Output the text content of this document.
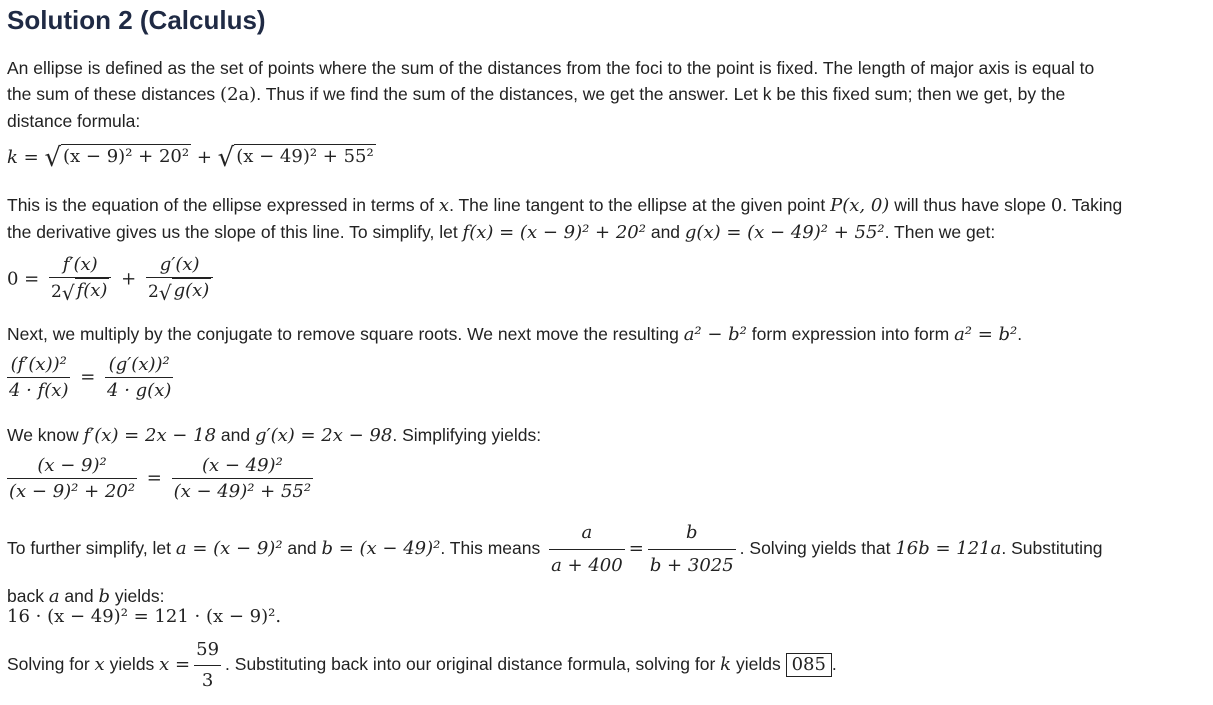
Solution 2 (Calculus)
An ellipse is defined as the set of points where the sum of the distances from the foci to the point is fixed. The length of major axis is equal to
the sum of these distances (2a). Thus if we find the sum of the distances, we get the answer. Let k be this fixed sum; then we get, by the
distance formula:
k = √ (x − 9)² + 20² + √ (x − 49)² + 55²
This is the equation of the ellipse expressed in terms of x. The line tangent to the ellipse at the given point P(x, 0) will thus have slope 0. Taking
the derivative gives us the slope of this line. To simplify, let f(x) = (x − 9)² + 20² and g(x) = (x − 49)² + 55². Then we get:
$0 = \frac{f'(x)}{2√ f(x)} + \frac{g'(x)}{2√ g(x)}$
Next, we multiply by the conjugate to remove square roots. We next move the resulting a² − b² form expression into form a² = b².
$\frac{\text{(f′(x))²}}{4 \cdot f(x)} = \frac{\text{(g′(x))²}}{4 \cdot g(x)}$
We know f′(x) = 2x − 18 and g′(x) = 2x − 98. Simplifying yields:
$\frac{\text{(x − 9)²}}{\text{(x − 9)² + 20²}} = \frac{\text{(x − 49)²}}{\text{(x − 49)² + 55²}}$
To further simplify, let a = (x − 9)² and b = (x − 49)². This means $\frac{a}{a + 400} = \frac{b}{b + 3025}$ . Solving yields that 16b = 121a. Substituting
back a and b yields:
16 · (x − 49)² = 121 · (x − 9)².
Solving for x yields $x = \frac{59}{3}$ . Substituting back into our original distance formula, solving for k yields 085 .
